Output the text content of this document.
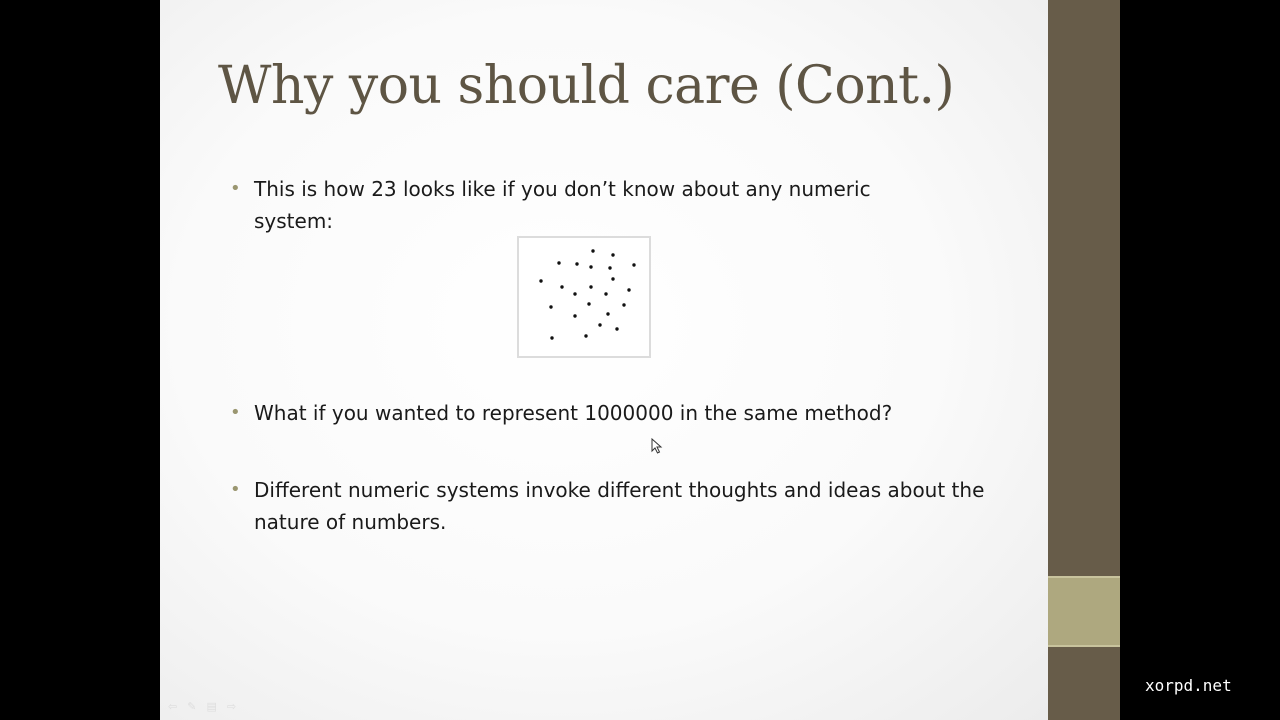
Why you should care (Cont.)
• This is how 23 looks like if you don’t know about any numeric system:
• What if you wanted to represent 1000000 in the same method?
• Different numeric systems invoke different thoughts and ideas about the nature of numbers.
⇦ ✎ ▤ ⇨
xorpd.net
